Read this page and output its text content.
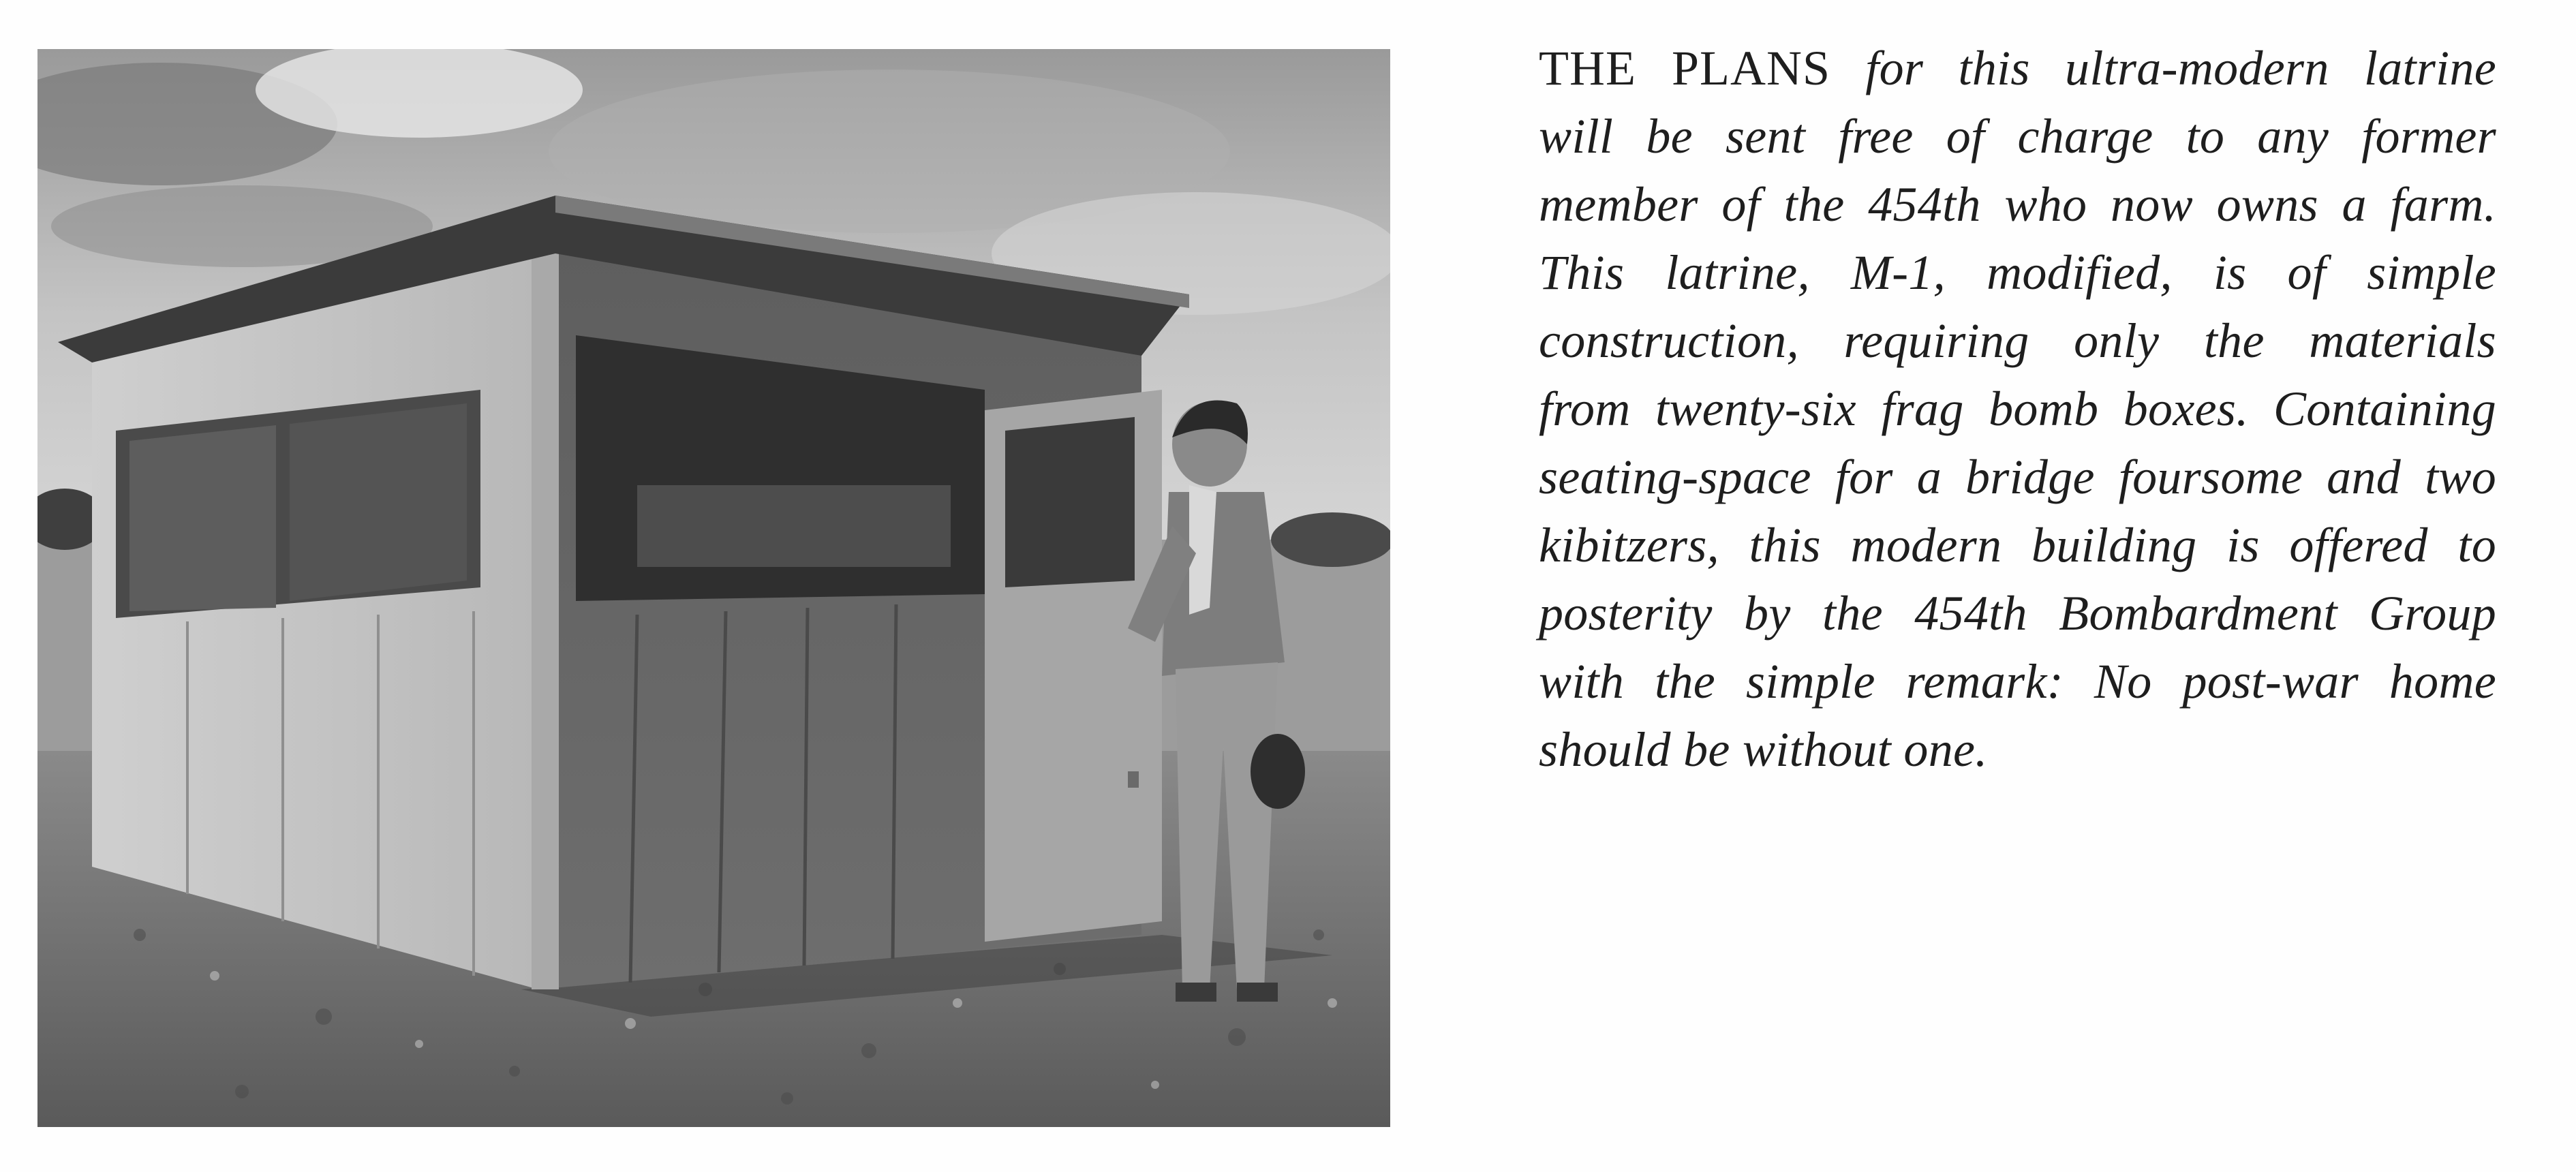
THE PLANS for this ultra-modern latrine
will be sent free of charge to any former
member of the 454th who now owns a farm.
This latrine, M-1, modified, is of simple
construction, requiring only the materials
from twenty-six frag bomb boxes. Containing
seating-space for a bridge foursome and two
kibitzers, this modern building is offered to
posterity by the 454th Bombardment Group
with the simple remark: No post-war home
should be without one.
